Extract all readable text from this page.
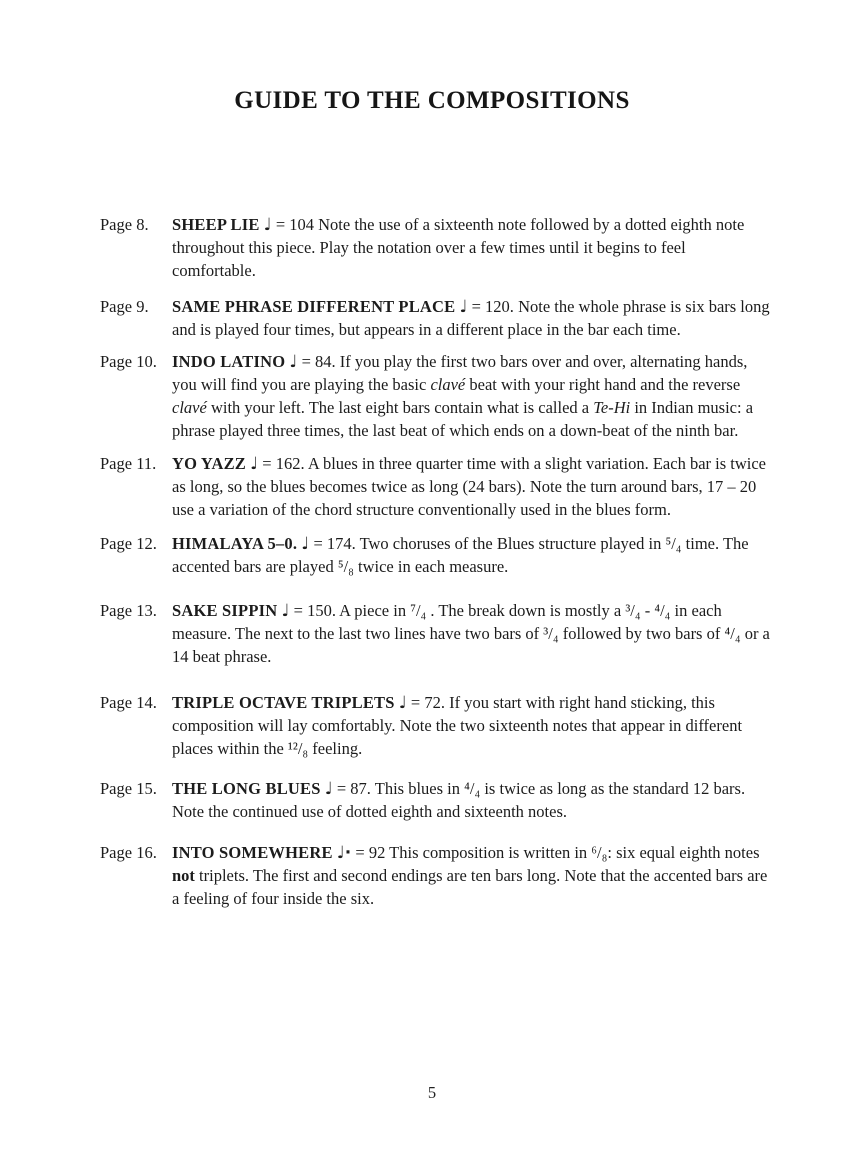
GUIDE TO THE COMPOSITIONS
Page 8.	SHEEP LIE ♩ = 104 Note the use of a sixteenth note followed by a dotted eighth note throughout this piece. Play the notation over a few times until it begins to feel comfortable.

Page 9.	SAME PHRASE DIFFERENT PLACE ♩ = 120. Note the whole phrase is six bars long and is played four times, but appears in a different place in the bar each time.

Page 10. INDO LATINO ♩ = 84. If you play the first two bars over and over, alternating hands, you will find you are playing the basic clavé beat with your right hand and the reverse clavé with your left. The last eight bars contain what is called a Te-Hi in Indian music: a phrase played three times, the last beat of which ends on a down-beat of the ninth bar.

Page 11. YO YAZZ ♩ = 162. A blues in three quarter time with a slight variation. Each bar is twice as long, so the blues becomes twice as long (24 bars). Note the turn around bars, 17 – 20 use a variation of the chord structure conventionally used in the blues form.

Page 12. HIMALAYA 5–0. ♩ = 174. Two choruses of the Blues structure played in ⁵/₄ time. The accented bars are played ⁵/₈ twice in each measure.

Page 13. SAKE SIPPIN ♩ = 150. A piece in ⁷/₄ . The break down is mostly a ³/₄ - ⁴/₄ in each measure. The next to the last two lines have two bars of ³/₄ followed by two bars of ⁴/₄ or a 14 beat phrase.

Page 14. TRIPLE OCTAVE TRIPLETS ♩ = 72. If you start with right hand sticking, this composition will lay comfortably. Note the two sixteenth notes that appear in different places within the ¹²/₈ feeling.

Page 15. THE LONG BLUES ♩ = 87. This blues in ⁴/₄ is twice as long as the standard 12 bars. Note the continued use of dotted eighth and sixteenth notes.

Page 16. INTO SOMEWHERE ♩· = 92 This composition is written in ⁶/₈: six equal eighth notes not triplets. The first and second endings are ten bars long. Note that the accented bars are a feeling of four inside the six.

5
